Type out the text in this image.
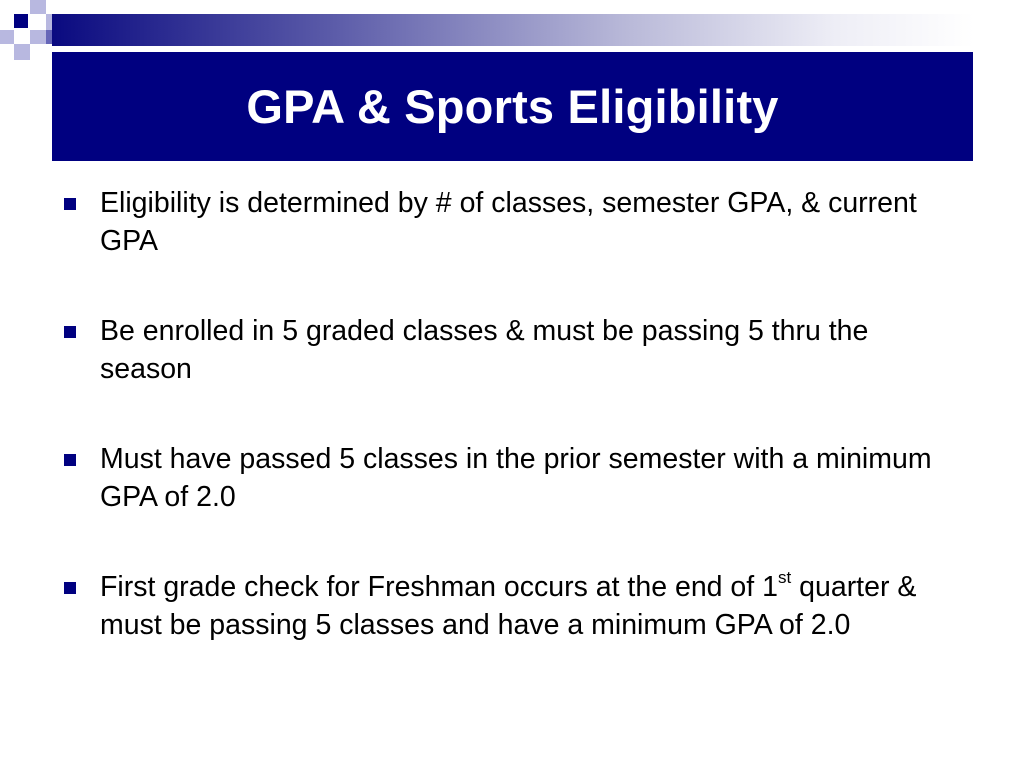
GPA & Sports Eligibility
Eligibility is determined by # of classes, semester GPA, & current GPA
Be enrolled in 5 graded classes & must be passing 5 thru the season
Must have passed 5 classes in the prior semester with a minimum GPA of 2.0
First grade check for Freshman occurs at the end of 1st quarter & must be passing 5 classes and have a minimum GPA of 2.0
